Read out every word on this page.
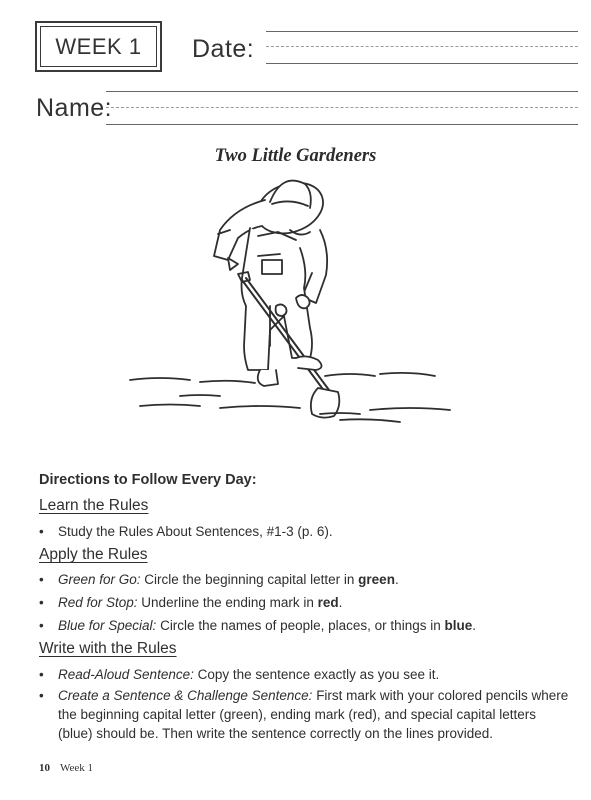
WEEK 1	Date:
Name:
Two Little Gardeners
Directions to Follow Every Day:
Learn the Rules
•	Study the Rules About Sentences, #1-3 (p. 6).
Apply the Rules
•	Green for Go: Circle the beginning capital letter in green.
•	Red for Stop: Underline the ending mark in red.
•	Blue for Special: Circle the names of people, places, or things in blue.
Write with the Rules
•	Read-Aloud Sentence: Copy the sentence exactly as you see it.
•	Create a Sentence & Challenge Sentence: First mark with your colored pencils where the beginning capital letter (green), ending mark (red), and special capital letters (blue) should be. Then write the sentence correctly on the lines provided.
10 Week 1
